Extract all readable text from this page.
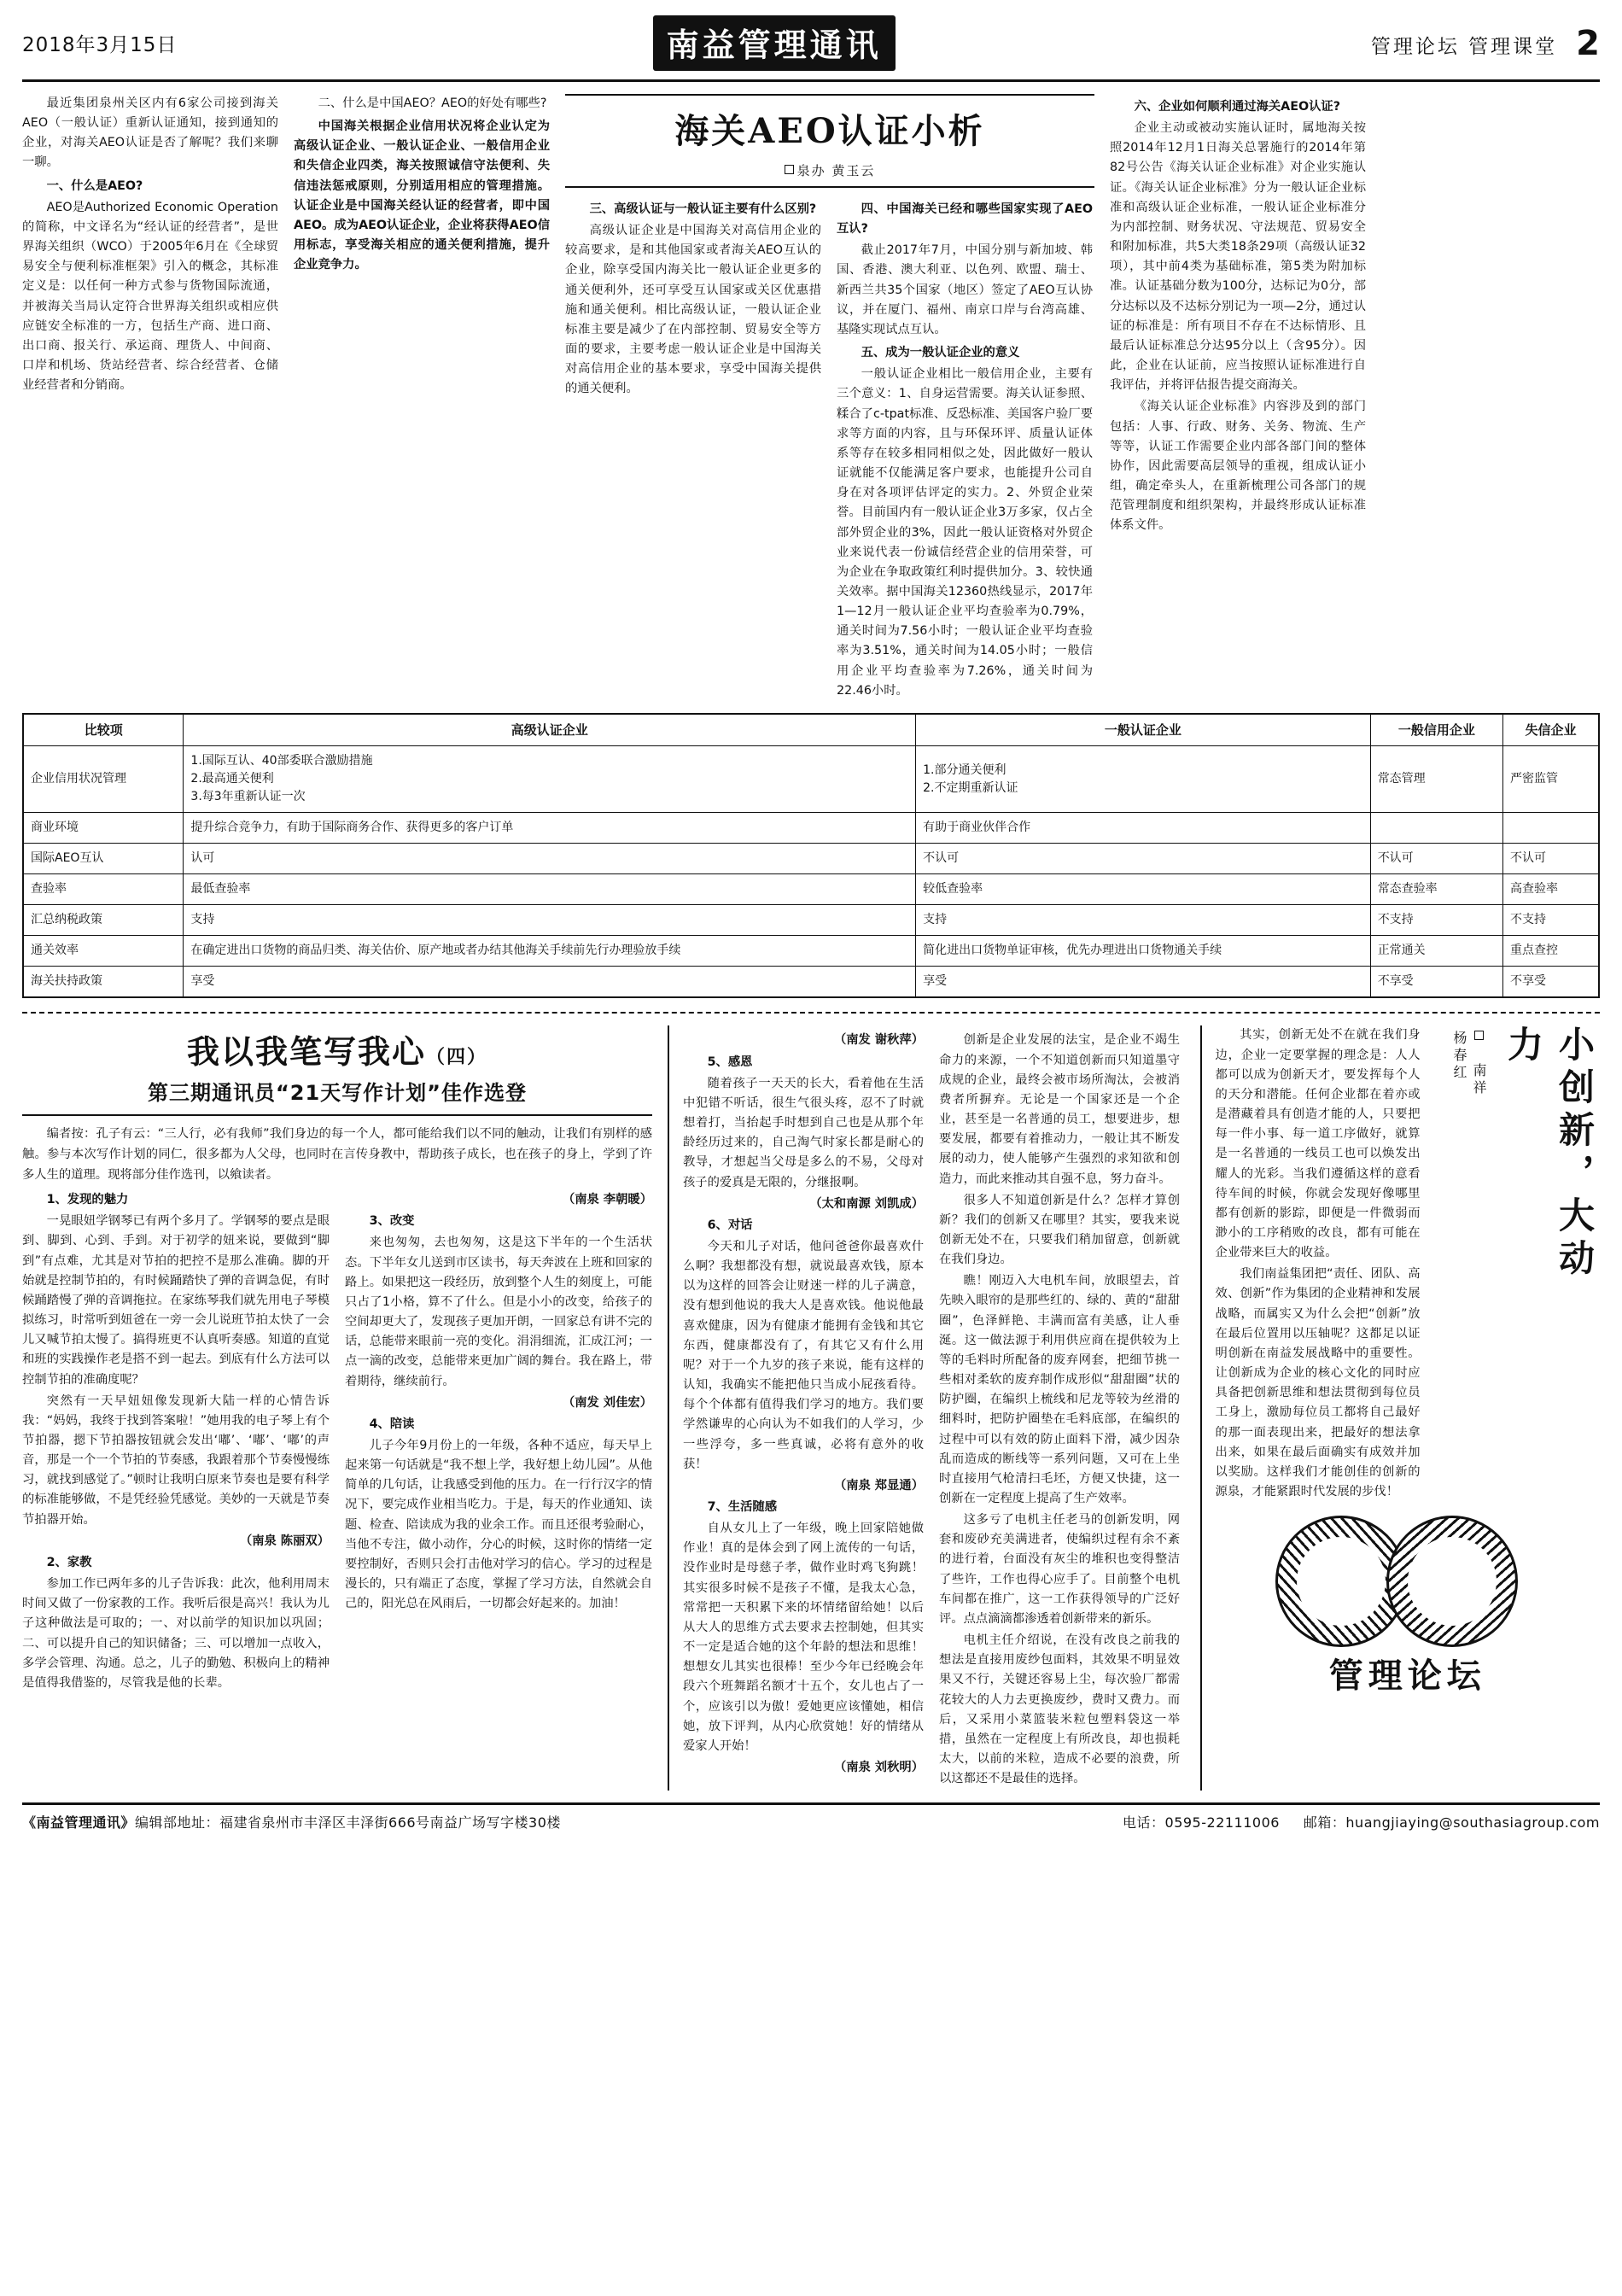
2018年3月15日	南益管理通讯	管理论坛 管理课堂 2

最近集团泉州关区内有6家公司接到海关AEO（一般认证）重新认证通知，接到通知的企业，对海关AEO认证是否了解呢？我们来聊一聊。

一、什么是AEO?

AEO是Authorized Economic Operation的简称，中文译名为“经认证的经营者”，是世界海关组织（WCO）于2005年6月在《全球贸易安全与便利标准框架》引入的概念，其标准定义是：以任何一种方式参与货物国际流通，并被海关当局认定符合世界海关组织或相应供应链安全标准的一方，包括生产商、进口商、出口商、报关行、承运商、理货人、中间商、口岸和机场、货站经营者、综合经营者、仓储业经营者和分销商。

二、什么是中国AEO？AEO的好处有哪些?

中国海关根据企业信用状况将企业认定为高级认证企业、一般认证企业、一般信用企业和失信企业四类，海关按照诚信守法便利、失信违法惩戒原则，分别适用相应的管理措施。认证企业是中国海关经认证的经营者，即中国AEO。成为AEO认证企业，企业将获得AEO信用标志，享受海关相应的通关便利措施，提升企业竞争力。

海关AEO认证小析
泉办 黄玉云

三、高级认证与一般认证主要有什么区别?

高级认证企业是中国海关对高信用企业的较高要求，是和其他国家或者海关AEO互认的企业，除享受国内海关比一般认证企业更多的通关便利外，还可享受互认国家或关区优惠措施和通关便利。相比高级认证，一般认证企业标准主要是减少了在内部控制、贸易安全等方面的要求，主要考虑一般认证企业是中国海关对高信用企业的基本要求，享受中国海关提供的通关便利。

四、中国海关已经和哪些国家实现了AEO互认?

截止2017年7月，中国分别与新加坡、韩国、香港、澳大利亚、以色列、欧盟、瑞士、新西兰共35个国家（地区）签定了AEO互认协议，并在厦门、福州、南京口岸与台湾高雄、基隆实现试点互认。

五、成为一般认证企业的意义

一般认证企业相比一般信用企业，主要有三个意义：1、自身运营需要。海关认证参照、糅合了c-tpat标准、反恐标准、美国客户验厂要求等方面的内容，且与环保环评、质量认证体系等存在较多相同相似之处，因此做好一般认证就能不仅能满足客户要求，也能提升公司自身在对各项评估评定的实力。2、外贸企业荣誉。目前国内有一般认证企业3万多家，仅占全部外贸企业的3%，因此一般认证资格对外贸企业来说代表一份诚信经营企业的信用荣誉，可为企业在争取政策红利时提供加分。3、较快通关效率。据中国海关12360热线显示，2017年1—12月一般认证企业平均查验率为0.79%，通关时间为7.56小时；一般认证企业平均查验率为3.51%，通关时间为14.05小时；一般信用企业平均查验率为7.26%，通关时间为22.46小时。

六、企业如何顺利通过海关AEO认证?

企业主动或被动实施认证时，属地海关按照2014年12月1日海关总署施行的2014年第82号公告《海关认证企业标准》对企业实施认证。《海关认证企业标准》分为一般认证企业标准和高级认证企业标准，一般认证企业标准分为内部控制、财务状况、守法规范、贸易安全和附加标准，共5大类18条29项（高级认证32项），其中前4类为基础标准，第5类为附加标准。认证基础分数为100分，达标记为0分，部分达标以及不达标分别记为一项—2分，通过认证的标准是：所有项目不存在不达标情形、且最后认证标准总分达95分以上（含95分）。因此，企业在认证前，应当按照认证标准进行自我评估，并将评估报告提交商海关。

《海关认证企业标准》内容涉及到的部门包括：人事、行政、财务、关务、物流、生产等等，认证工作需要企业内部各部门间的整体协作，因此需要高层领导的重视，组成认证小组，确定牵头人，在重新梳理公司各部门的规范管理制度和组织架构，并最终形成认证标准体系文件。

比较项	高级认证企业	一般认证企业	一般信用企业	失信企业
企业信用状况管理	1.国际互认、40部委联合激励措施
2.最高通关便利
3.每3年重新认证一次	1.部分通关便利
2.不定期重新认证	常态管理	严密监管
商业环境	提升综合竞争力，有助于国际商务合作、获得更多的客户订单	有助于商业伙伴合作		
国际AEO互认	认可	不认可	不认可	不认可
查验率	最低查验率	较低查验率	常态查验率	高查验率
汇总纳税政策	支持	支持	不支持	不支持
通关效率	在确定进出口货物的商品归类、海关估价、原产地或者办结其他海关手续前先行办理验放手续	简化进出口货物单证审核，优先办理进出口货物通关手续	正常通关	重点查控
海关扶持政策	享受	享受	不享受	不享受
我以我笔写我心（四）
第三期通讯员“21天写作计划”佳作选登

编者按：孔子有云：“三人行，必有我师”我们身边的每一个人，都可能给我们以不同的触动，让我们有别样的感触。参与本次写作计划的同仁，很多都为人父母，也同时在言传身教中，帮助孩子成长，也在孩子的身上，学到了许多人生的道理。现将部分佳作选刊，以飨读者。

1、发现的魅力

一晃眼妞学钢琴已有两个多月了。学钢琴的要点是眼到、脚到、心到、手到。对于初学的妞来说，要做到“脚到”有点难，尤其是对节拍的把控不是那么准确。脚的开始就是控制节拍的，有时候踊踏快了弹的音调急促，有时候踊踏慢了弹的音调拖拉。在家练琴我们就先用电子琴模拟练习，时常听到妞爸在一旁一会儿说班节拍太快了一会儿又喊节拍太慢了。搞得班更不认真听奏感。知道的直觉和班的实践操作老是搭不到一起去。到底有什么方法可以控制节拍的准确度呢？

突然有一天早妞妞像发现新大陆一样的心情告诉我：“妈妈，我终于找到答案啦！”她用我的电子琴上有个节拍器，摁下节拍器按钮就会发出‘嘟’、‘嘟’、‘嘟’的声音，那是一个一个节拍的节奏感，我跟着那个节奏慢慢练习，就找到感觉了。”顿时让我明白原来节奏也是要有科学的标准能够做，不是凭经验凭感觉。美妙的一天就是节奏节拍器开始。

（南泉 陈丽双）

2、家教

参加工作已两年多的儿子告诉我：此次，他利用周末时间又做了一份家教的工作。我听后很是高兴！我认为儿子这种做法是可取的；一、对以前学的知识加以巩固；二、可以提升自己的知识储备；三、可以增加一点收入，多学会管理、沟通。总之，儿子的勤勉、积极向上的精神是值得我借鉴的，尽管我是他的长辈。

（南泉 李朝暖）

3、改变

来也匆匆，去也匆匆，这是这下半年的一个生活状态。下半年女儿送到市区读书，每天奔波在上班和回家的路上。如果把这一段经历，放到整个人生的刻度上，可能只占了1小格，算不了什么。但是小小的改变，给孩子的空间却更大了，发现孩子更加开朗，一回家总有讲不完的话，总能带来眼前一亮的变化。涓涓细流，汇成江河；一点一滴的改变，总能带来更加广阔的舞台。我在路上，带着期待，继续前行。

（南发 刘佳宏）

4、陪读

儿子今年9月份上的一年级，各种不适应，每天早上起来第一句话就是“我不想上学，我好想上幼儿园”。从他简单的几句话，让我感受到他的压力。在一行行汉字的情况下，要完成作业相当吃力。于是，每天的作业通知、读题、检查、陪读成为我的业余工作。而且还很考验耐心，当他不专注，做小动作，分心的时候，这时你的情绪一定要控制好，否则只会打击他对学习的信心。学习的过程是漫长的，只有端正了态度，掌握了学习方法，自然就会自己的，阳光总在风雨后，一切都会好起来的。加油！

（南发 谢秋萍）

5、感恩

随着孩子一天天的长大，看着他在生活中犯错不听话，很生气很头疼，忍不了时就想着打，当抬起手时想到自己也是从那个年龄经历过来的，自己淘气时家长都是耐心的教导，才想起当父母是多么的不易，父母对孩子的爱真是无限的，分继报啊。

（太和南源 刘凯成）

6、对话

今天和儿子对话，他问爸爸你最喜欢什么啊？我想都没有想，就说最喜欢钱，原本以为这样的回答会让财迷一样的儿子满意，没有想到他说的我大人是喜欢钱。他说他最喜欢健康，因为有健康才能拥有金钱和其它东西，健康都没有了，有其它又有什么用呢？对于一个九岁的孩子来说，能有这样的认知，我确实不能把他只当成小屁孩看待。每个个体都有值得我们学习的地方。我们要学然谦卑的心向认为不如我们的人学习，少一些浮夸，多一些真诚，必将有意外的收获！

（南泉 郑显通）

7、生活随感

自从女儿上了一年级，晚上回家陪她做作业！真的是体会到了网上流传的一句话，没作业时是母慈子孝，做作业时鸡飞狗跳！其实很多时候不是孩子不懂，是我太心急，常常把一天积累下来的坏情绪留给她！以后从大人的思维方式去要求去控制她，但其实不一定是适合她的这个年龄的想法和思维！想想女儿其实也很棒！至少今年已经晚会年段六个班舞蹈名额才十五个，女儿也占了一个，应该引以为傲！爱她更应该懂她，相信她，放下评判，从内心欣赏她！好的情绪从爱家人开始！

（南泉 刘秋明）

创新是企业发展的法宝，是企业不竭生命力的来源，一个不知道创新而只知道墨守成规的企业，最终会被市场所淘汰，会被消费者所摒弃。无论是一个国家还是一个企业，甚至是一名普通的员工，想要进步，想要发展，都要有着推动力，一般让其不断发展的动力，使人能够产生强烈的求知欲和创造力，而此来推动其自强不息，努力奋斗。

很多人不知道创新是什么？怎样才算创新？我们的创新又在哪里？其实，要我来说创新无处不在，只要我们稍加留意，创新就在我们身边。

瞧！刚迈入大电机车间，放眼望去，首先映入眼帘的是那些红的、绿的、黄的“甜甜圈”，色泽鲜艳、丰满而富有美感，让人垂涎。这一做法源于利用供应商在提供较为上等的毛料时所配备的废弃网套，把细节挑一些相对柔软的废弃制作成形似“甜甜圈”状的防护圈，在编织上梳线和尼龙等较为丝滑的细料时，把防护圈垫在毛料底部，在编织的过程中可以有效的防止面料下滑，减少因杂乱而造成的断线等一系列问题，又可在上坐时直接用气枪清扫毛坯，方便又快捷，这一创新在一定程度上提高了生产效率。

这多亏了电机主任老马的创新发明，网套和废砂充美满进者，使编织过程有余不紊的进行着，台面没有灰尘的堆积也变得整洁了些许，工作也得心应手了。目前整个电机车间都在推广，这一工作获得领导的广泛好评。点点滴滴都渗透着创新带来的新乐。

电机主任介绍说，在没有改良之前我的想法是直接用废纱包面料，其效果不明显效果又不行，关键还容易上尘，每次验厂都需花较大的人力去更换废纱，费时又费力。而后，又采用小菜篮装米粒包塑料袋这一举措，虽然在一定程度上有所改良，却也损耗太大，以前的米粒，造成不必要的浪费，所以这都还不是最佳的选择。

小创新，大动力
南祥
杨春红

其实，创新无处不在就在我们身边，企业一定要掌握的理念是：人人都可以成为创新天才，要发挥每个人的天分和潜能。任何企业都在着亦或是潜藏着具有创造才能的人，只要把每一件小事、每一道工序做好，就算是一名普通的一线员工也可以焕发出耀人的光彩。当我们遵循这样的意看待车间的时候，你就会发现好像哪里都有创新的影踪，即便是一件微弱而渺小的工序稍败的改良，都有可能在企业带来巨大的收益。

我们南益集团把“责任、团队、高效、创新”作为集团的企业精神和发展战略，而属实又为什么会把“创新”放在最后位置用以压轴呢？这都足以证明创新在南益发展战略中的重要性。让创新成为企业的核心文化的同时应具备把创新思维和想法贯彻到每位员工身上，激励每位员工都将自己最好的那一面表现出来，把最好的想法拿出来，如果在最后面确实有成效并加以奖励。这样我们才能创佳的创新的源泉，才能紧跟时代发展的步伐！

管理论坛
《南益管理通讯》编辑部地址：福建省泉州市丰泽区丰泽街666号南益广场写字楼30楼	电话：0595-22111006 邮箱：huangjiaying@southasiagroup.com
